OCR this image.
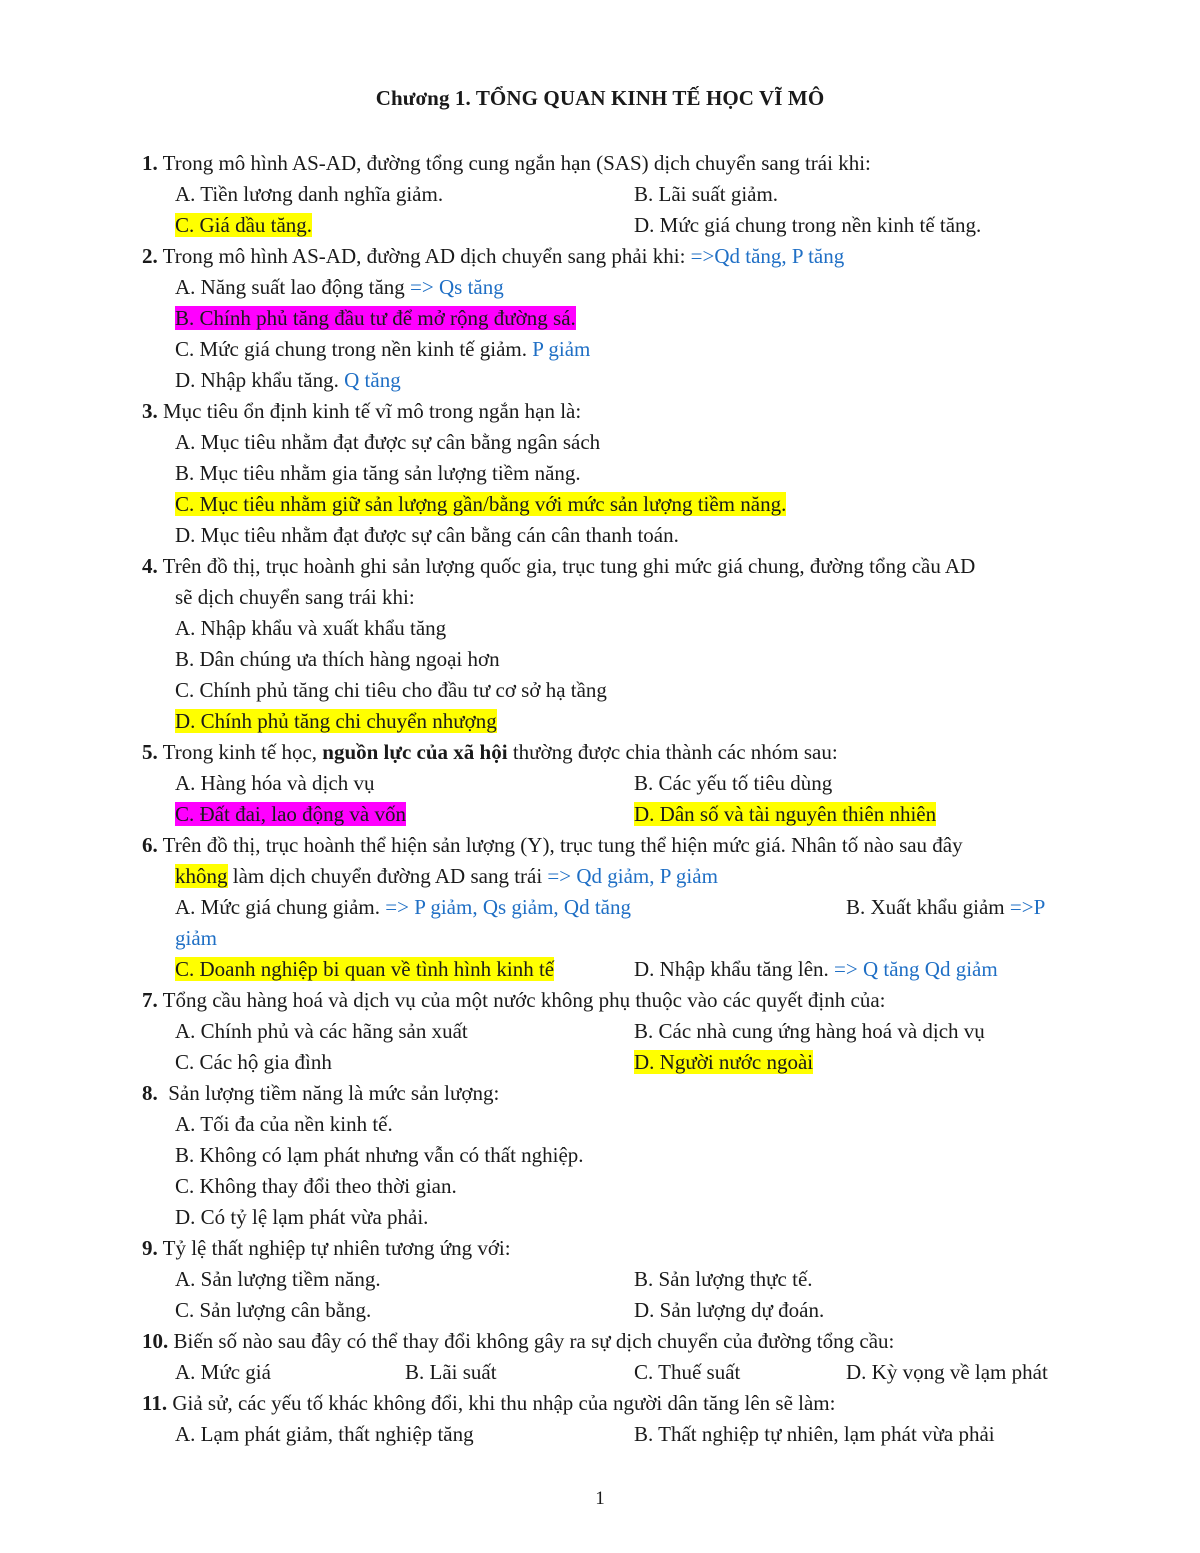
Chương 1. TỔNG QUAN KINH TẾ HỌC VĨ MÔ
1. Trong mô hình AS-AD, đường tổng cung ngắn hạn (SAS) dịch chuyển sang trái khi:
A. Tiền lương danh nghĩa giảm.	B. Lãi suất giảm.
C. Giá dầu tăng.	D. Mức giá chung trong nền kinh tế tăng.
2. Trong mô hình AS-AD, đường AD dịch chuyển sang phải khi: =>Qd tăng, P tăng
A. Năng suất lao động tăng => Qs tăng
B. Chính phủ tăng đầu tư để mở rộng đường sá.
C. Mức giá chung trong nền kinh tế giảm. P giảm
D. Nhập khẩu tăng. Q tăng
3. Mục tiêu ổn định kinh tế vĩ mô trong ngắn hạn là:
A. Mục tiêu nhằm đạt được sự cân bằng ngân sách
B. Mục tiêu nhằm gia tăng sản lượng tiềm năng.
C. Mục tiêu nhằm giữ sản lượng gần/bằng với mức sản lượng tiềm năng.
D. Mục tiêu nhằm đạt được sự cân bằng cán cân thanh toán.
4. Trên đồ thị, trục hoành ghi sản lượng quốc gia, trục tung ghi mức giá chung, đường tổng cầu AD
sẽ dịch chuyển sang trái khi:
A. Nhập khẩu và xuất khẩu tăng
B. Dân chúng ưa thích hàng ngoại hơn
C. Chính phủ tăng chi tiêu cho đầu tư cơ sở hạ tầng
D. Chính phủ tăng chi chuyển nhượng
5. Trong kinh tế học, nguồn lực của xã hội thường được chia thành các nhóm sau:
A. Hàng hóa và dịch vụ	B. Các yếu tố tiêu dùng
C. Đất đai, lao động và vốn	D. Dân số và tài nguyên thiên nhiên
6. Trên đồ thị, trục hoành thể hiện sản lượng (Y), trục tung thể hiện mức giá. Nhân tố nào sau đây
không làm dịch chuyển đường AD sang trái => Qd giảm, P giảm
A. Mức giá chung giảm. => P giảm, Qs giảm, Qd tăng	B. Xuất khẩu giảm =>P
giảm
C. Doanh nghiệp bi quan về tình hình kinh tế	D. Nhập khẩu tăng lên. => Q tăng Qd giảm
7. Tổng cầu hàng hoá và dịch vụ của một nước không phụ thuộc vào các quyết định của:
A. Chính phủ và các hãng sản xuất	B. Các nhà cung ứng hàng hoá và dịch vụ
C. Các hộ gia đình	D. Người nước ngoài
8.  Sản lượng tiềm năng là mức sản lượng:
A. Tối đa của nền kinh tế.
B. Không có lạm phát nhưng vẫn có thất nghiệp.
C. Không thay đổi theo thời gian.
D. Có tỷ lệ lạm phát vừa phải.
9. Tỷ lệ thất nghiệp tự nhiên tương ứng với:
A. Sản lượng tiềm năng.	B. Sản lượng thực tế.
C. Sản lượng cân bằng.	D. Sản lượng dự đoán.
10. Biến số nào sau đây có thể thay đổi không gây ra sự dịch chuyển của đường tổng cầu:
A. Mức giá	B. Lãi suất	C. Thuế suất	D. Kỳ vọng về lạm phát
11. Giả sử, các yếu tố khác không đổi, khi thu nhập của người dân tăng lên sẽ làm:
A. Lạm phát giảm, thất nghiệp tăng	B. Thất nghiệp tự nhiên, lạm phát vừa phải
1
